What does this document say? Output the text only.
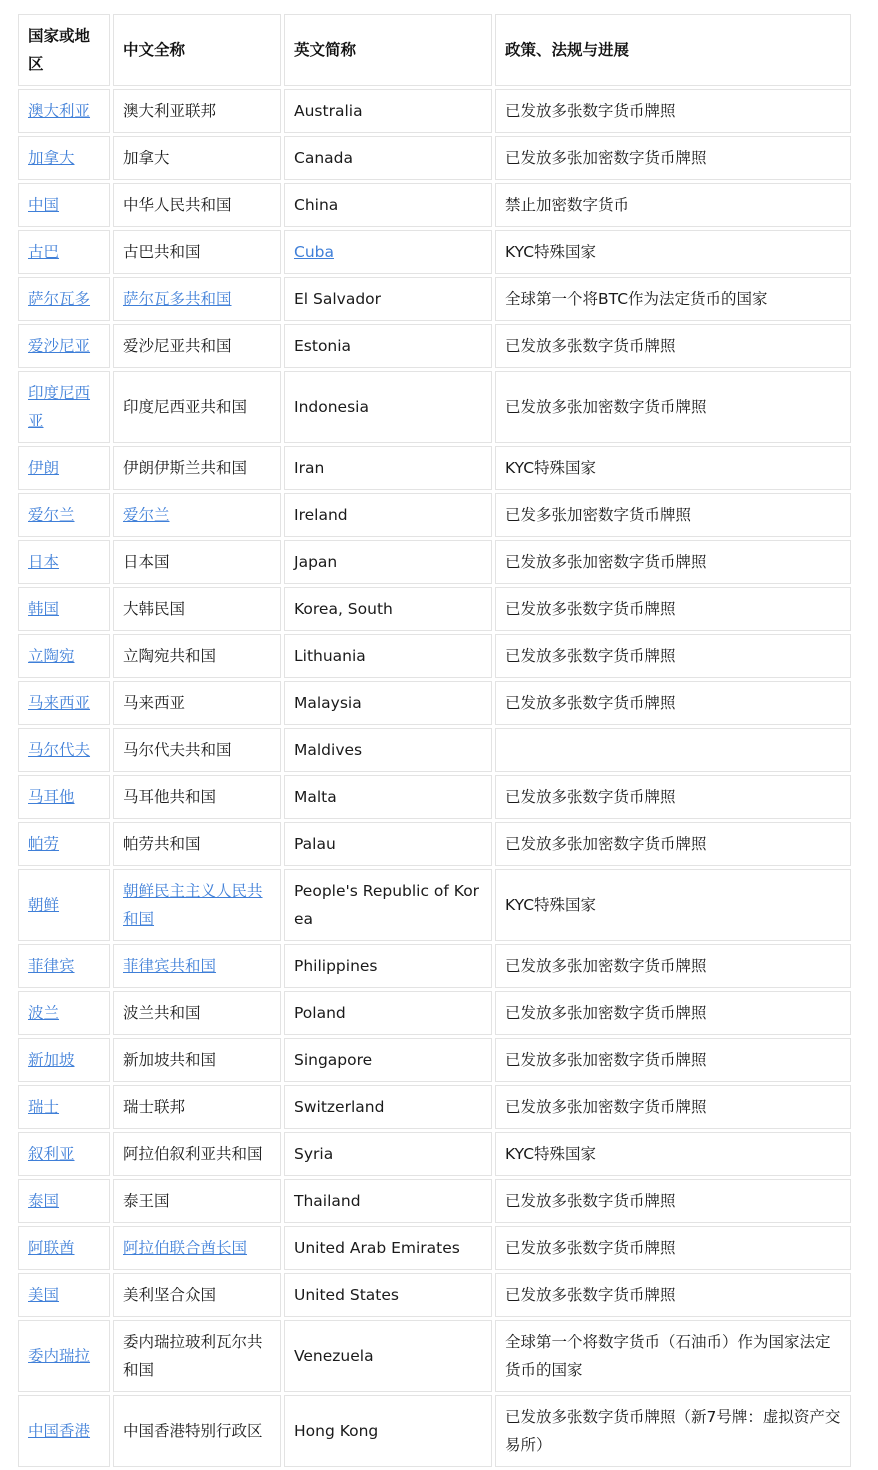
国家或地区	中文全称	英文简称	政策、法规与进展
澳大利亚	澳大利亚联邦	Australia	已发放多张数字货币牌照
加拿大	加拿大	Canada	已发放多张加密数字货币牌照
中国	中华人民共和国	China	禁止加密数字货币
古巴	古巴共和国	Cuba	KYC特殊国家
萨尔瓦多	萨尔瓦多共和国	El Salvador	全球第一个将BTC作为法定货币的国家
爱沙尼亚	爱沙尼亚共和国	Estonia	已发放多张数字货币牌照
印度尼西亚	印度尼西亚共和国	Indonesia	已发放多张加密数字货币牌照
伊朗	伊朗伊斯兰共和国	Iran	KYC特殊国家
爱尔兰	爱尔兰	Ireland	已发多张加密数字货币牌照
日本	日本国	Japan	已发放多张加密数字货币牌照
韩国	大韩民国	Korea, South	已发放多张数字货币牌照
立陶宛	立陶宛共和国	Lithuania	已发放多张数字货币牌照
马来西亚	马来西亚	Malaysia	已发放多张数字货币牌照
马尔代夫	马尔代夫共和国	Maldives	
马耳他	马耳他共和国	Malta	已发放多张数字货币牌照
帕劳	帕劳共和国	Palau	已发放多张加密数字货币牌照
朝鲜	朝鲜民主主义人民共和国	People's Republic of Korea	KYC特殊国家
菲律宾	菲律宾共和国	Philippines	已发放多张加密数字货币牌照
波兰	波兰共和国	Poland	已发放多张加密数字货币牌照
新加坡	新加坡共和国	Singapore	已发放多张加密数字货币牌照
瑞士	瑞士联邦	Switzerland	已发放多张加密数字货币牌照
叙利亚	阿拉伯叙利亚共和国	Syria	KYC特殊国家
泰国	泰王国	Thailand	已发放多张数字货币牌照
阿联酋	阿拉伯联合酋长国	United Arab Emirates	已发放多张数字货币牌照
美国	美利坚合众国	United States	已发放多张数字货币牌照
委内瑞拉	委内瑞拉玻利瓦尔共和国	Venezuela	全球第一个将数字货币（石油币）作为国家法定货币的国家
中国香港	中国香港特别行政区	Hong Kong	已发放多张数字货币牌照（新7号牌：虚拟资产交易所）
